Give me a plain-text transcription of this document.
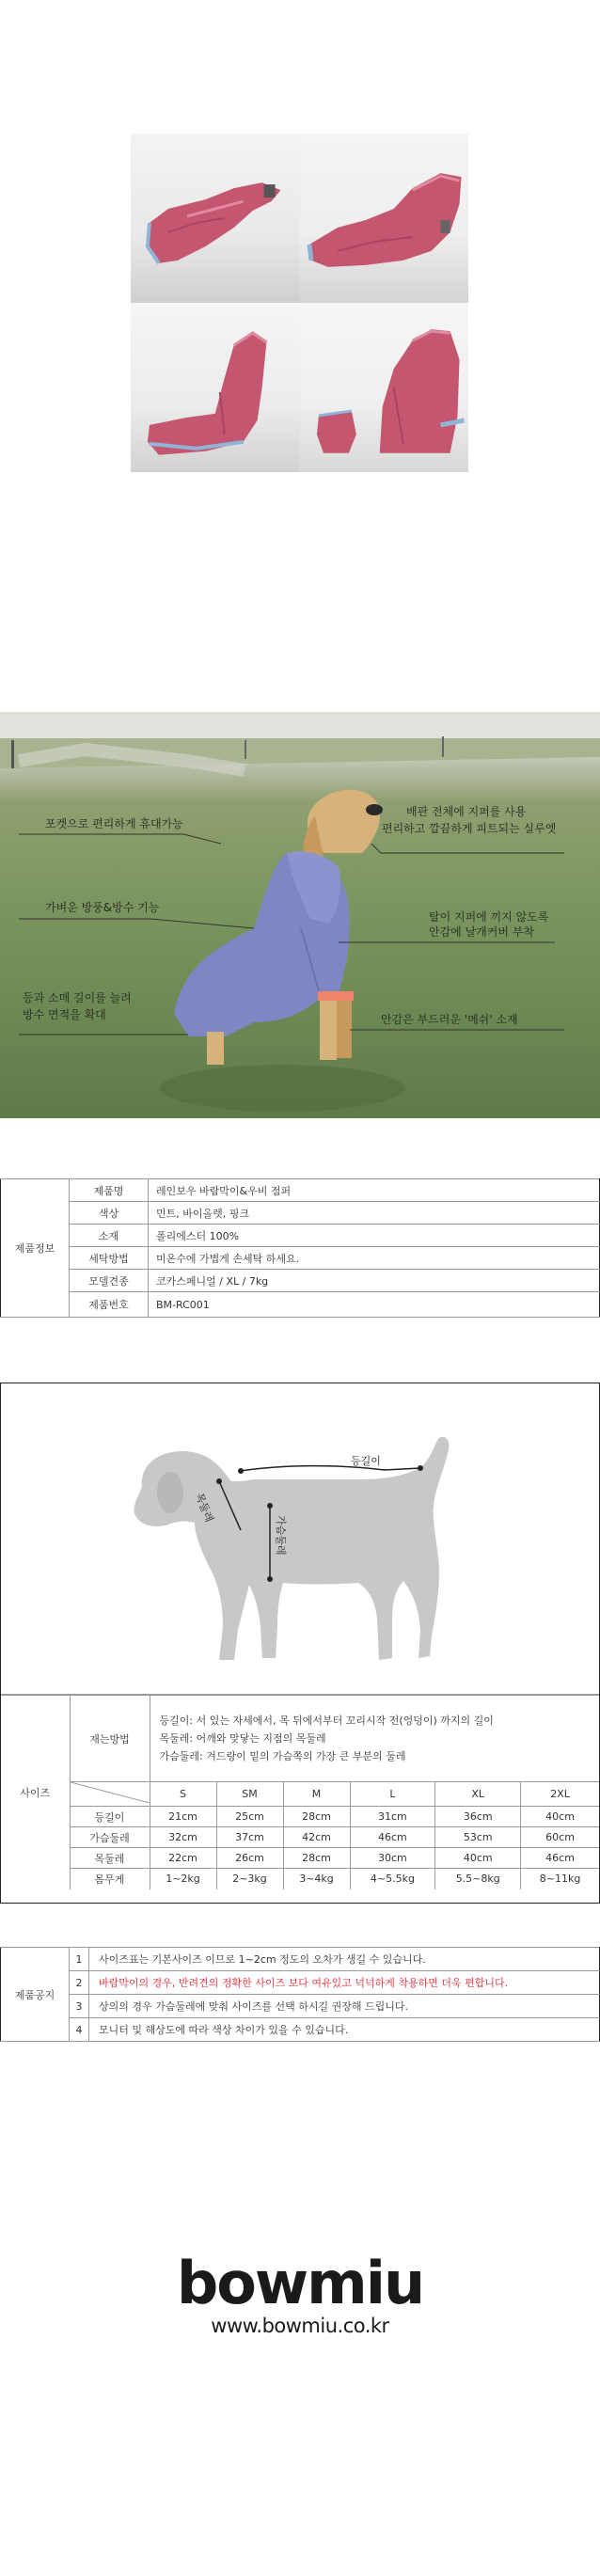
포켓으로 편리하게 휴대가능
배판 전체에 지퍼를 사용
편리하고 깔끔하게 피트되는 실루엣
가벼운 방풍&방수 기능
탈이 지퍼에 끼지 않도록
안감에 날개커버 부착
등과 소매 길이를 늘려
방수 면적을 확대	안감은 부드러운 '메쉬' 소재
제품정보	제품명	레인보우 바람막이&우비 점퍼
	색상	민트, 바이올렛, 핑크
	소재	폴리에스터 100%
	세탁방법	미온수에 가볍게 손세탁 하세요.
	모델견종	코카스페니얼 / XL / 7kg
	제품번호	BM-RC001
등길이
목둘레
가슴둘레
사이즈	재는방법	등길이: 서 있는 자세에서, 목 뒤에서부터 꼬리시작 전(엉덩이) 까지의 길이
목둘레: 어깨와 맞닿는 지점의 목둘레
가슴둘레: 겨드랑이 밑의 가슴쪽의 가장 큰 부분의 둘레					

	S	SM	M	L	XL	2XL
	등길이	21cm	25cm	28cm	31cm	36cm	40cm
	가슴둘레	32cm	37cm	42cm	46cm	53cm	60cm
	목둘레	22cm	26cm	28cm	30cm	40cm	46cm
	몸무게	1~2kg	2~3kg	3~4kg	4~5.5kg	5.5~8kg	8~11kg
제품공지	1	사이즈표는 기본사이즈 이므로 1~2cm 정도의 오차가 생길 수 있습니다.
	2	바람막이의 경우, 반려견의 정확한 사이즈 보다 여유있고 넉넉하게 착용하면 더욱 편합니다.
	3	상의의 경우 가슴둘레에 맞춰 사이즈를 선택 하시길 권장해 드립니다.
	4	모니터 및 해상도에 따라 색상 차이가 있을 수 있습니다.
bowmiu
www.bowmiu.co.kr
